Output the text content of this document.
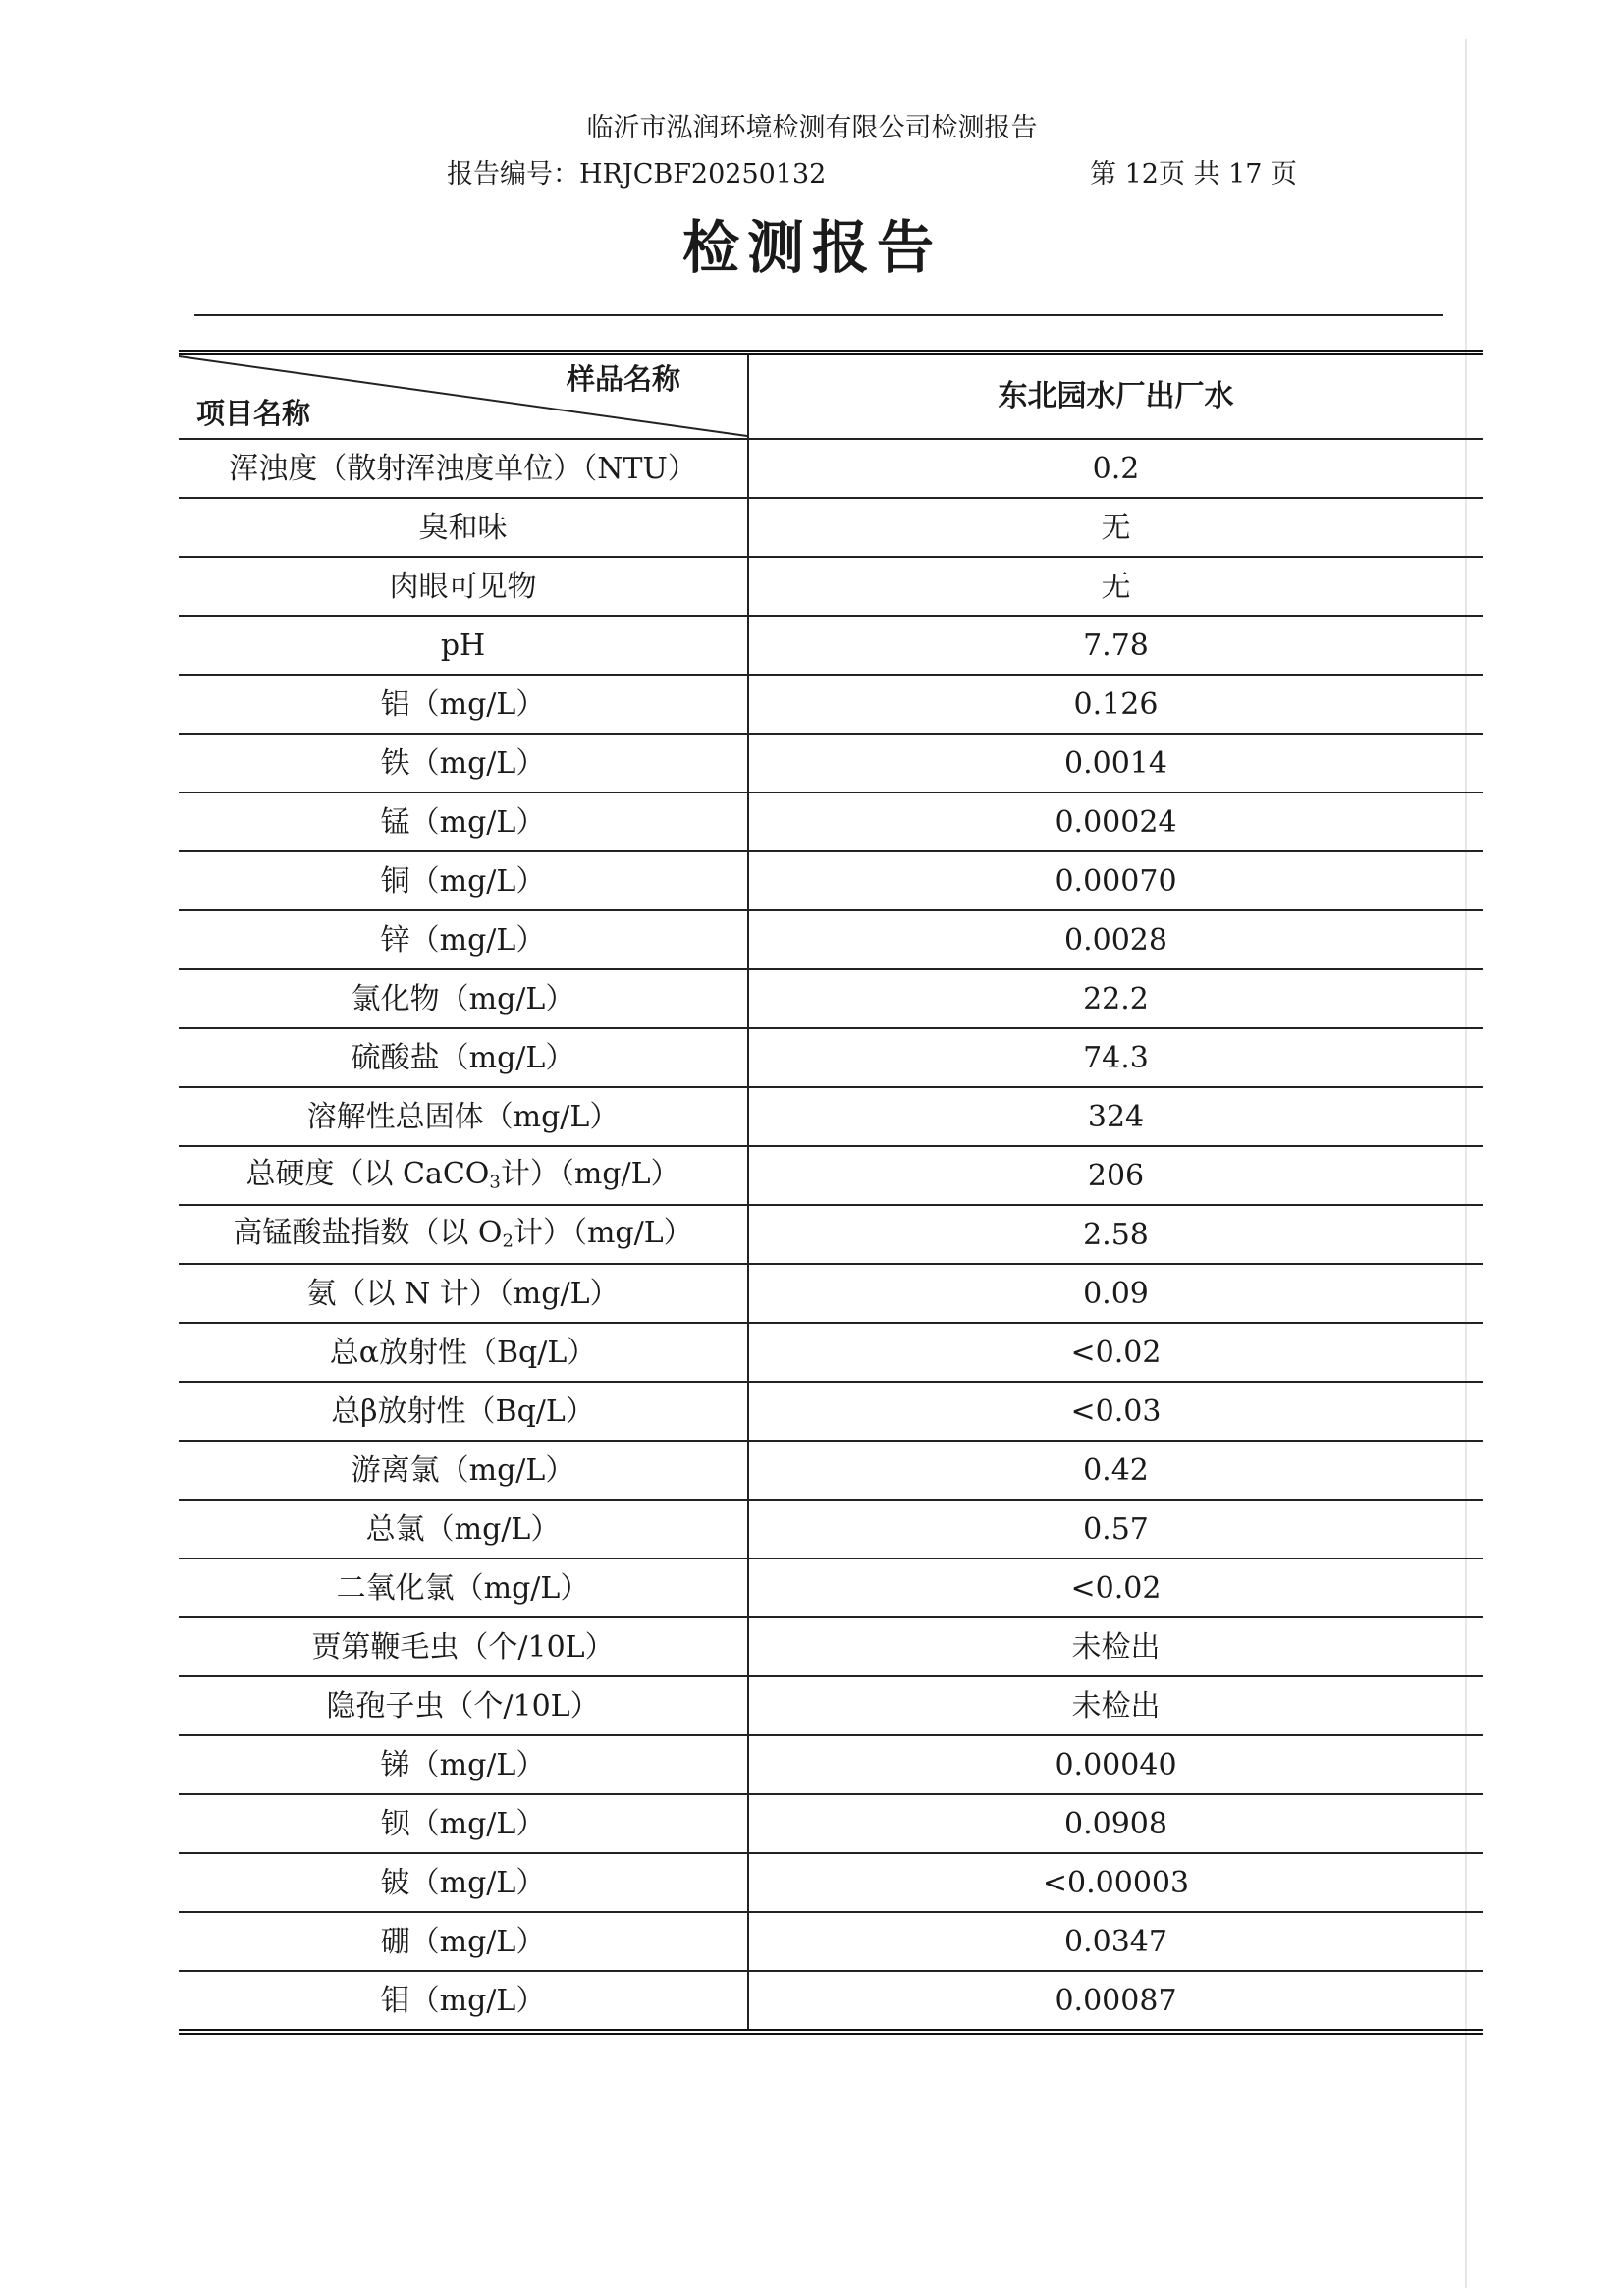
临沂市泓润环境检测有限公司检测报告
报告编号：HRJCBF20250132	第 12页 共 17 页
检测报告
样品名称
项目名称	东北园水厂出厂水
浑浊度（散射浑浊度单位）（NTU）	0.2
臭和味	无
肉眼可见物	无
pH	7.78
铝（mg/L）	0.126
铁（mg/L）	0.0014
锰（mg/L）	0.00024
铜（mg/L）	0.00070
锌（mg/L）	0.0028
氯化物（mg/L）	22.2
硫酸盐（mg/L）	74.3
溶解性总固体（mg/L）	324
总硬度（以 CaCO$_3$计）（mg/L）	206
高锰酸盐指数（以 $O_2$计）（mg/L）	2.58
氨（以 N 计）（mg/L）	0.09
总α放射性（Bq/L）	<0.02
总β放射性（Bq/L）	<0.03
游离氯（mg/L）	0.42
总氯（mg/L）	0.57
二氧化氯（mg/L）	<0.02
贾第鞭毛虫（个/10L）	未检出
隐孢子虫（个/10L）	未检出
锑（mg/L）	0.00040
钡（mg/L）	0.0908
铍（mg/L）	<0.00003
硼（mg/L）	0.0347
钼（mg/L）	0.00087
